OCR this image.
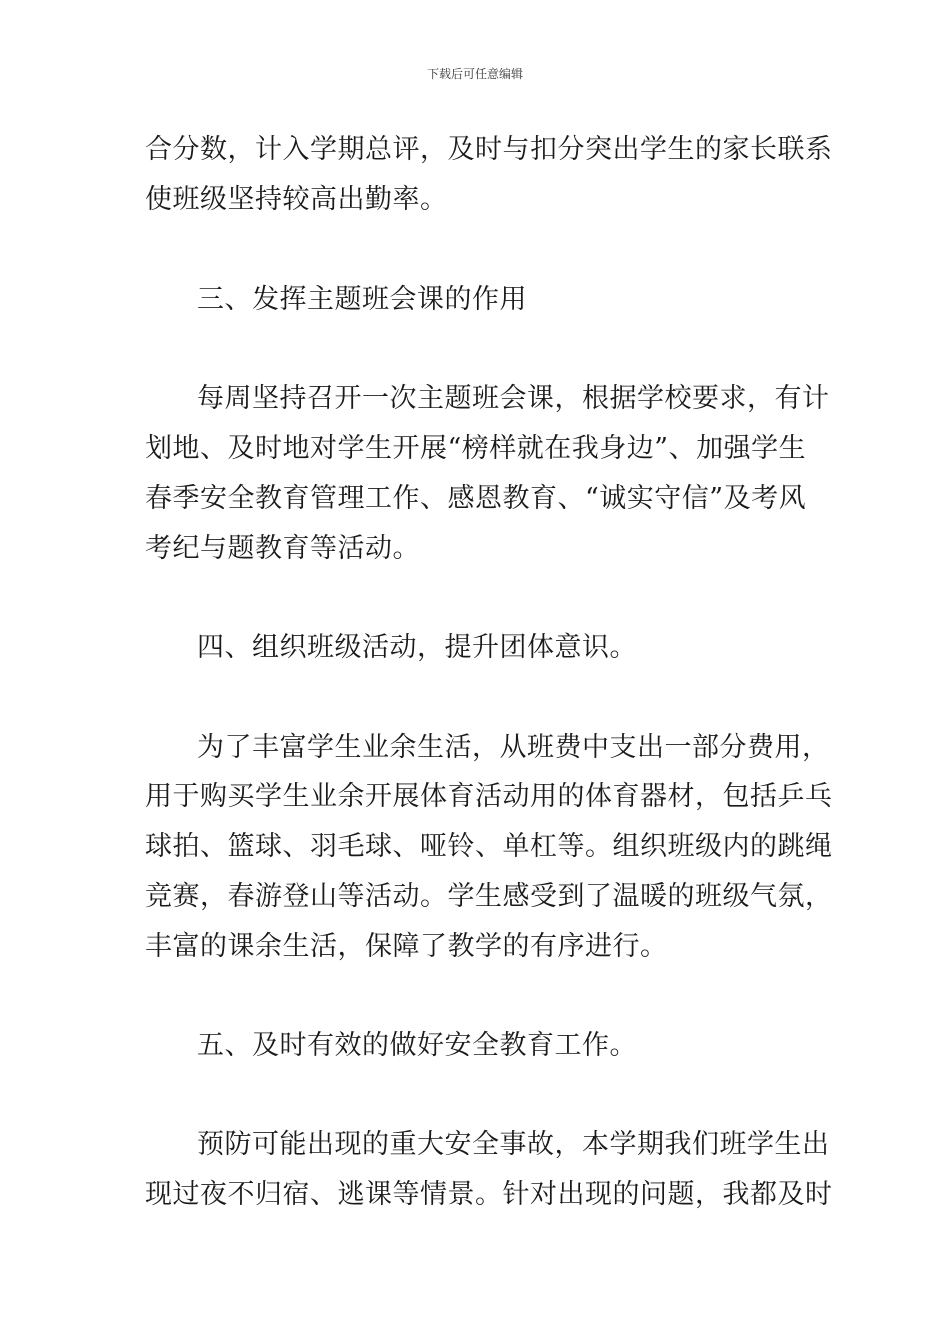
下载后可任意编辑
合分数，计入学期总评，及时与扣分突出学生的家长联系
使班级坚持较高出勤率。
三、发挥主题班会课的作用
每周坚持召开一次主题班会课，根据学校要求，有计
划地、及时地对学生开展“榜样就在我身边”、加强学生
春季安全教育管理工作、感恩教育、“诚实守信”及考风
考纪与题教育等活动。
四、组织班级活动，提升团体意识。
为了丰富学生业余生活，从班费中支出一部分费用，
用于购买学生业余开展体育活动用的体育器材，包括乒乓
球拍、篮球、羽毛球、哑铃、单杠等。组织班级内的跳绳
竞赛，春游登山等活动。学生感受到了温暖的班级气氛，
丰富的课余生活，保障了教学的有序进行。
五、及时有效的做好安全教育工作。
预防可能出现的重大安全事故，本学期我们班学生出
现过夜不归宿、逃课等情景。针对出现的问题，我都及时
